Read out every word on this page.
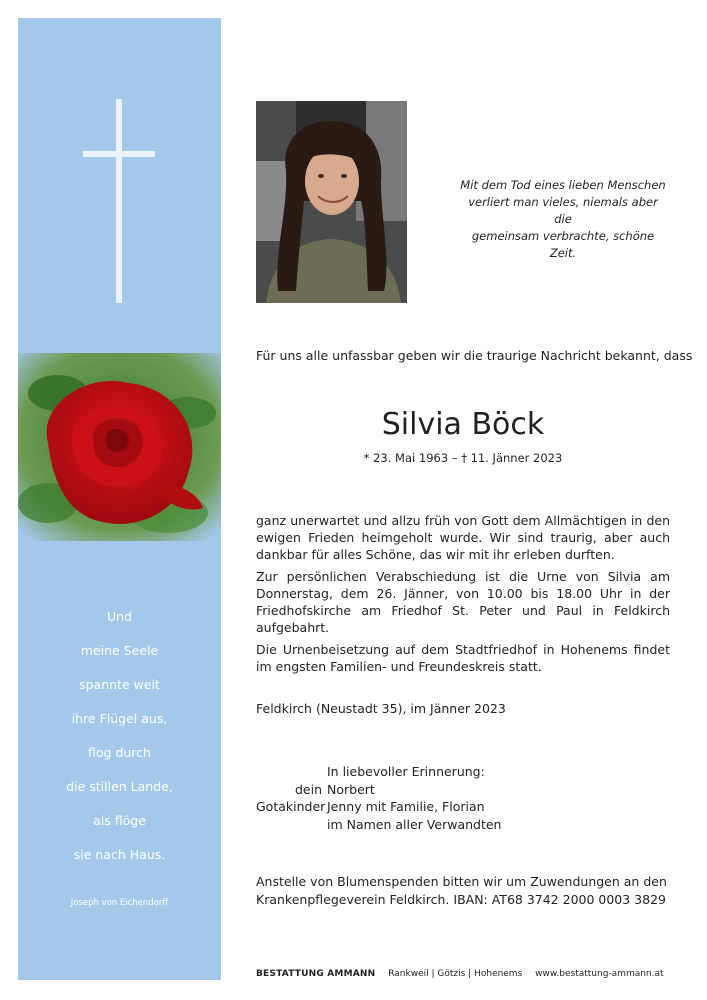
Und
meine Seele
spannte weit
ihre Flügel aus,
flog durch
die stillen Lande,
als flöge
sie nach Haus.
Joseph von Eichendorff
Mit dem Tod eines lieben Menschen
verliert man vieles, niemals aber die
gemeinsam verbrachte, schöne Zeit.
Für uns alle unfassbar geben wir die traurige Nachricht bekannt, dass
Silvia Böck
* 23. Mai 1963 – † 11. Jänner 2023

ganz unerwartet und allzu früh von Gott dem Allmächtigen in den ewigen Frieden heimgeholt wurde. Wir sind traurig, aber auch dankbar für alles Schöne, das wir mit ihr erleben durften.

Zur persönlichen Verabschiedung ist die Urne von Silvia am Donnerstag, dem 26. Jänner, von 10.00 bis 18.00 Uhr in der Friedhofskirche am Friedhof St. Peter und Paul in Feldkirch aufgebahrt.

Die Urnenbeisetzung auf dem Stadtfriedhof in Hohenems findet im engsten Familien- und Freundeskreis statt.

Feldkirch (Neustadt 35), im Jänner 2023
In liebevoller Erinnerung:
dein Norbert
Gotakinder Jenny mit Familie, Florian
im Namen aller Verwandten
Anstelle von Blumenspenden bitten wir um Zuwendungen an den
Krankenpflegeverein Feldkirch. IBAN: AT68 3742 2000 0003 3829
BESTATTUNG AMMANN Rankweil | Götzis | Hohenems www.bestattung-ammann.at
